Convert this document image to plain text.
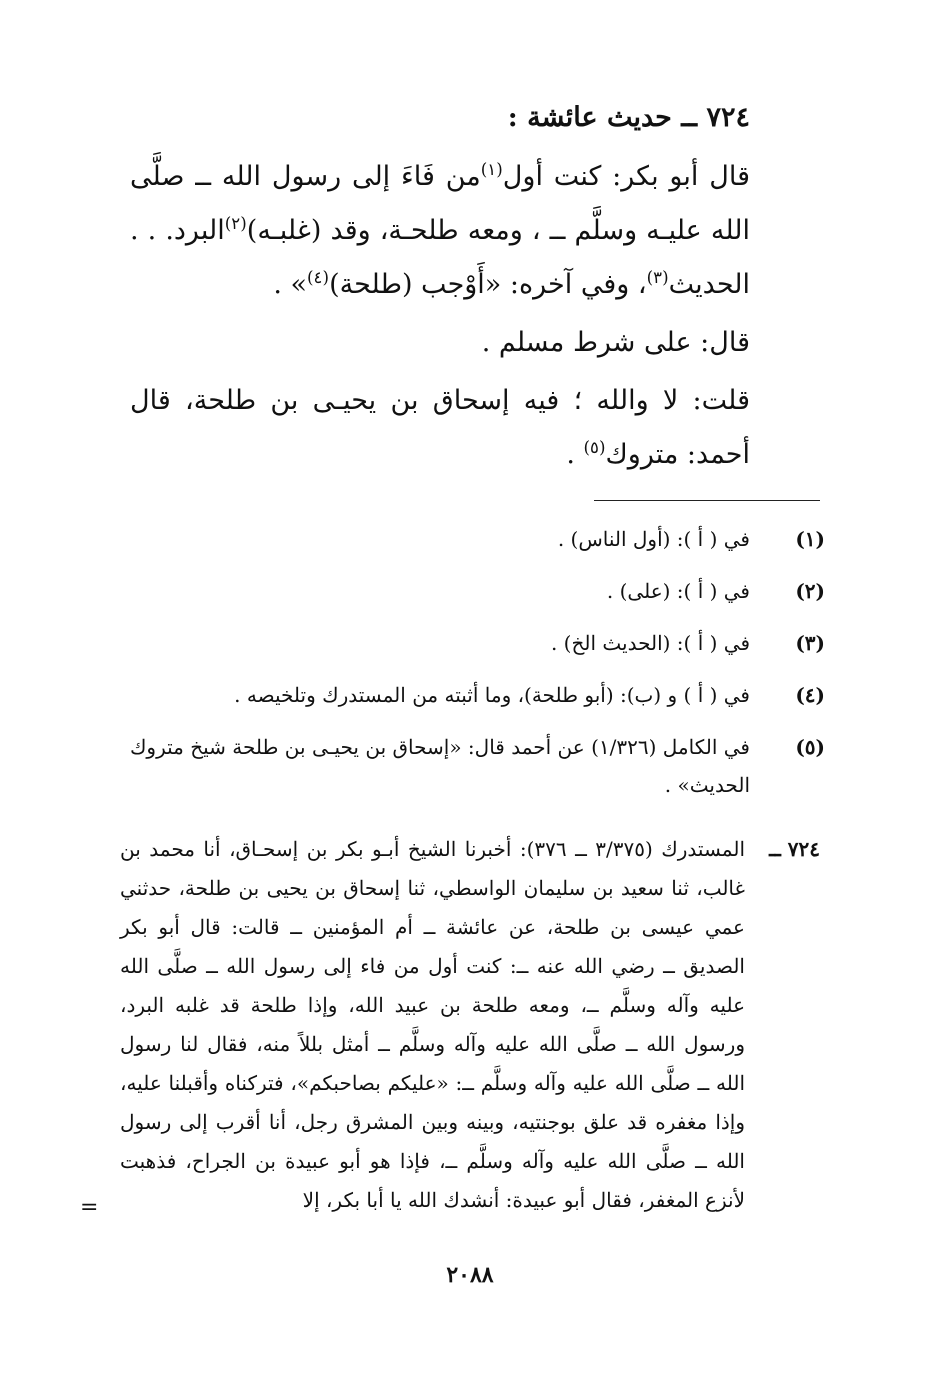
٧٢٤ ــ حديث عائشة :

قال أبو بكر: كنت أول$^{(١)}$من فَاءَ إلى رسول الله ــ صلَّى الله عليـه وسلَّم ــ ، ومعه طلحـة، وقد (غلبـه)$^{(٢)}$البرد. . . الحديث$^{(٣)}$، وفي آخره: «أَوْجب (طلحة)$^{(٤)}$» .

قال: على شرط مسلم .

قلت: لا والله ؛ فيه إسحاق بن يحيـى بن طلحة، قال أحمد: متروك$^{(٥)}$ .

(١)
في ( أ ): (أول الناس) .
(٢)
في ( أ ): (على) .
(٣)
في ( أ ): (الحديث الخ) .
(٤)
في ( أ ) و (ب): (أبو طلحة)، وما أثبته من المستدرك وتلخيصه .
(٥)
في الكامل (١/٣٢٦) عن أحمد قال: «إسحاق بن يحيـى بن طلحة شيخ متروك الحديث» .
٧٢٤ ــ
المستدرك (٣/٣٧٥ ــ ٣٧٦): أخبرنا الشيخ أبـو بكر بن إسحـاق، أنا محمد بن غالب، ثنا سعيد بن سليمان الواسطي، ثنا إسحاق بن يحيى بن طلحة، حدثني عمي عيسى بن طلحة، عن عائشة ــ أم المؤمنين ــ قالت: قال أبو بكر الصديق ــ رضي الله عنه ــ: كنت أول من فاء إلى رسول الله ــ صلَّى الله عليه وآله وسلَّم ــ، ومعه طلحة بن عبيد الله، وإذا طلحة قد غلبه البرد، ورسول الله ــ صلَّى الله عليه وآله وسلَّم ــ أمثل بللاً منه، فقال لنا رسول الله ــ صلَّى الله عليه وآله وسلَّم ــ: «عليكم بصاحبكم»، فتركناه وأقبلنا عليه، وإذا مغفره قد علق بوجنتيه، وبينه وبين المشرق رجل، أنا أقرب إلى رسول الله ــ صلَّى الله عليه وآله وسلَّم ــ، فإذا هو أبو عبيدة بن الجراح، فذهبت لأنزع المغفر، فقال أبو عبيدة: أنشدك الله يا أبا بكر، إلا
=
٢٠٨٨
